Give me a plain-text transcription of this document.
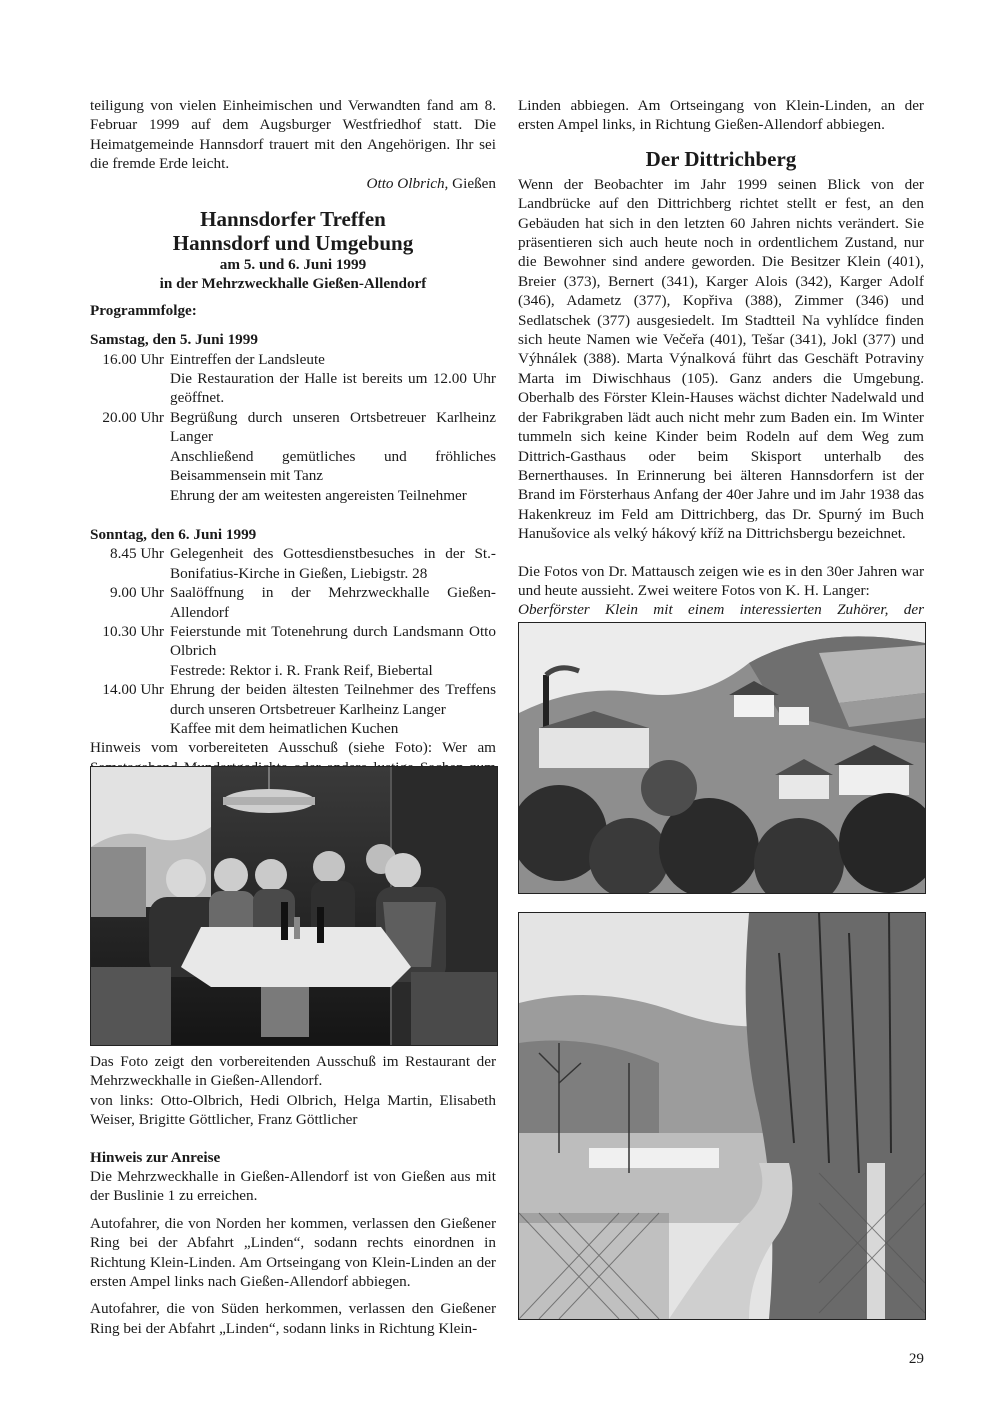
teiligung von vielen Einheimischen und Verwandten fand am 8. Februar 1999 auf dem Augsburger Westfriedhof statt. Die Heimatgemeinde Hannsdorf trauert mit den Angehörigen. Ihr sei die fremde Erde leicht.

Otto Olbrich, Gießen
Hannsdorfer Treffen
Hannsdorf und Umgebung
am 5. und 6. Juni 1999
in der Mehrzweckhalle Gießen-Allendorf
Programmfolge:
Samstag, den 5. Juni 1999
16.00 Uhr Eintreffen der Landsleute
Die Restauration der Halle ist bereits um 12.00 Uhr geöffnet.
20.00 Uhr Begrüßung durch unseren Ortsbetreuer Karlheinz Langer
Anschließend gemütliches und fröhliches Beisammensein mit Tanz
Ehrung der am weitesten angereisten Teilnehmer
Sonntag, den 6. Juni 1999
8.45 Uhr Gelegenheit des Gottesdienstbesuches in der St.-Bonifatius-Kirche in Gießen, Liebigstr. 28
9.00 Uhr Saalöffnung in der Mehrzweckhalle Gießen-Allendorf
10.30 Uhr Feierstunde mit Totenehrung durch Landsmann Otto Olbrich
Festrede: Rektor i. R. Frank Reif, Biebertal
14.00 Uhr Ehrung der beiden ältesten Teilnehmer des Treffens durch unseren Ortsbetreuer Karlheinz Langer
Kaffee mit dem heimatlichen Kuchen

Hinweis vom vorbereiteten Ausschuß (siehe Foto): Wer am

Das Foto zeigt den vorbereitenden Ausschuß im Restaurant der Mehrzweckhalle in Gießen-Allendorf.

von links: Otto-Olbrich, Hedi Olbrich, Helga Martin, Elisabeth Weiser, Brigitte Göttlicher, Franz Göttlicher

Hinweis zur Anreise

Die Mehrzweckhalle in Gießen-Allendorf ist von Gießen aus mit der Buslinie 1 zu erreichen.

Autofahrer, die von Norden her kommen, verlassen den Gießener Ring bei der Abfahrt „Linden“, sodann rechts einordnen in Richtung Klein-Linden. Am Ortseingang von Klein-Linden an der ersten Ampel links nach Gießen-Allendorf abbiegen.

Autofahrer, die von Süden herkommen, verlassen den Gießener Ring bei der Abfahrt „Linden“, sodann links in Richtung Klein-

Linden abbiegen. Am Ortseingang von Klein-Linden, an der ersten Ampel links, in Richtung Gießen-Allendorf abbiegen.

Der Dittrichberg

Wenn der Beobachter im Jahr 1999 seinen Blick von der Landbrücke auf den Dittrichberg richtet stellt er fest, an den Gebäuden hat sich in den letzten 60 Jahren nichts verändert. Sie präsentieren sich auch heute noch in ordentlichem Zustand, nur die Bewohner sind andere geworden. Die Besitzer Klein (401), Breier (373), Bernert (341), Karger Alois (342), Karger Adolf (346), Adametz (377), Kopřiva (388), Zimmer (346) und Sedlatschek (377) ausgesiedelt. Im Stadtteil Na vyhlídce finden sich heute Namen wie Večeřa (401), Tešar (341), Jokl (377) und Výhnálek (388). Marta Výnalková führt das Geschäft Potraviny Marta im Diwischhaus (105). Ganz anders die Umgebung. Oberhalb des Förster Klein-Hauses wächst dichter Nadelwald und der Fabrikgraben lädt auch nicht mehr zum Baden ein. Im Winter tummeln sich keine Kinder beim Rodeln auf dem Weg zum Dittrich-Gasthaus oder beim Skisport unterhalb des Bernerthauses. In Erinnerung bei älteren Hannsdorfern ist der Brand im Försterhaus Anfang der 40er Jahre und im Jahr 1938 das Hakenkreuz im Feld am Dittrichberg, das Dr. Spurný im Buch Hanušovice als velký hákový kříž na Dittrichsbergu bezeichnet.

Die Fotos von Dr. Mattausch zeigen wie es in den 30er Jahren war und heute aussieht. Zwei weitere Fotos von K. H. Langer:

Oberförster Klein mit einem interessierten Zuhörer, der
29
